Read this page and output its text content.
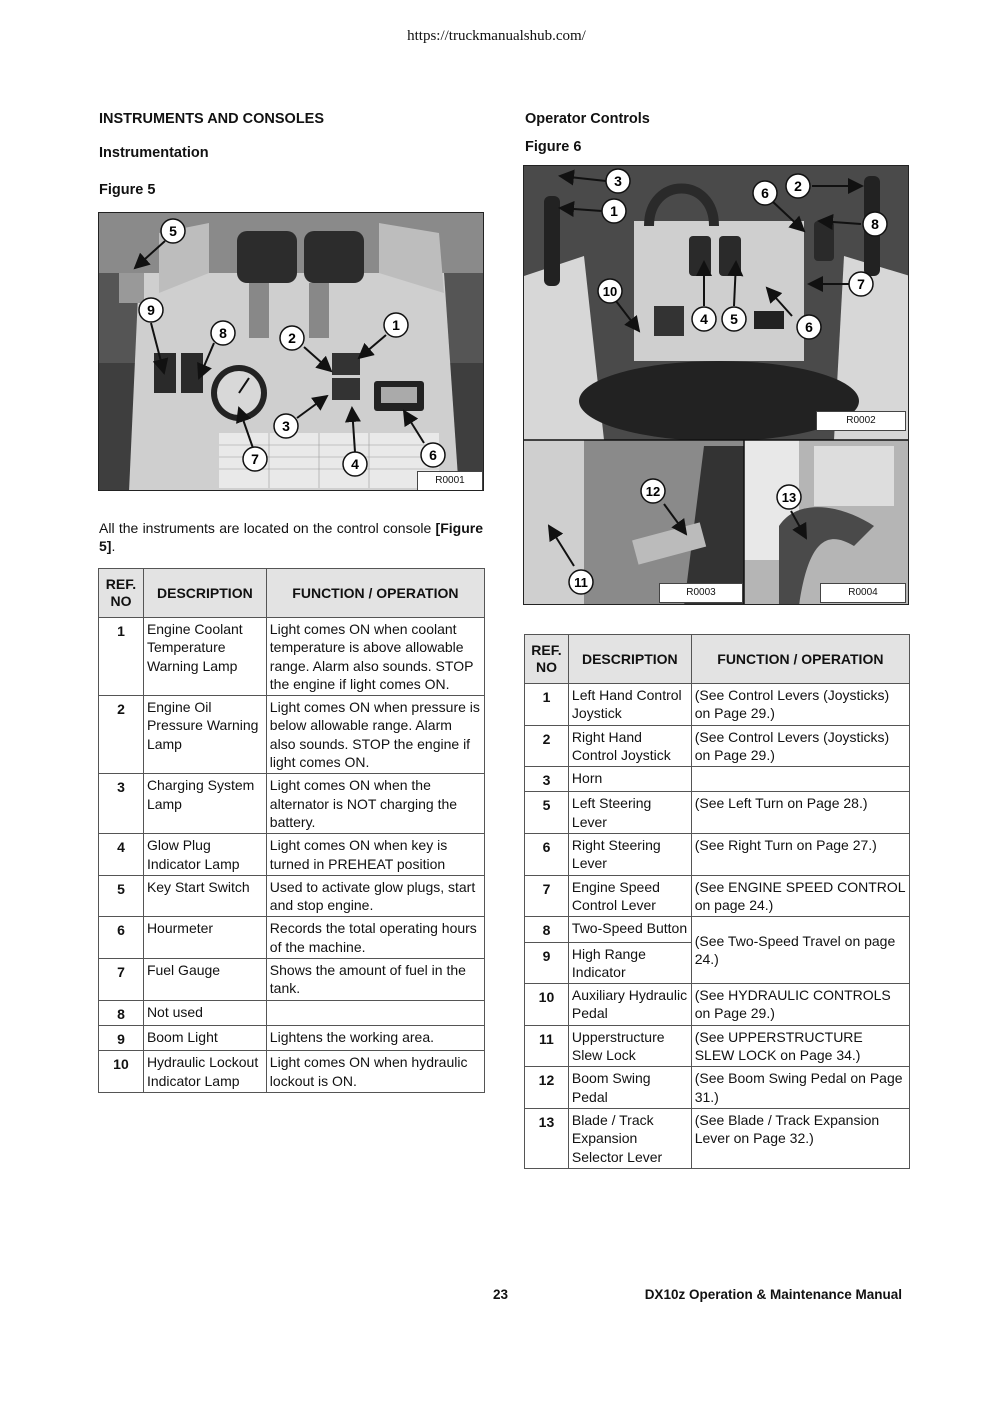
https://truckmanualshub.com/
INSTRUMENTS AND CONSOLES
Instrumentation
Figure 5
5
9
8	2
1
3
7	4
6
R0001
All the instruments are located on the control console [Figure 5].
REF. NO	DESCRIPTION	FUNCTION / OPERATION
1	Engine Coolant Temperature Warning Lamp	Light comes ON when coolant temperature is above allowable range. Alarm also sounds. STOP the engine if light comes ON.
2	Engine Oil Pressure Warning Lamp	Light comes ON when pressure is below allowable range. Alarm also sounds. STOP the engine if light comes ON.
3	Charging System Lamp	Light comes ON when the alternator is NOT charging the battery.
4	Glow Plug Indicator Lamp	Light comes ON when key is turned in PREHEAT position
5	Key Start Switch	Used to activate glow plugs, start and stop engine.
6	Hourmeter	Records the total operating hours of the machine.
7	Fuel Gauge	Shows the amount of fuel in the tank.
8	Not used	
9	Boom Light	Lightens the working area.
10	Hydraulic Lockout Indicator Lamp	Light comes ON when hydraulic lockout is ON.
Operator Controls
Figure 6
3
1
6 2
8
7
10
4 5	6
12	13
11
R0002
R0003	R0004
REF. NO	DESCRIPTION	FUNCTION / OPERATION
1	Left Hand Control Joystick	(See Control Levers (Joysticks) on Page 29.)
2	Right Hand Control Joystick	(See Control Levers (Joysticks) on Page 29.)
3	Horn	
5	Left Steering Lever	(See Left Turn on Page 28.)
6	Right Steering Lever	(See Right Turn on Page 27.)
7	Engine Speed Control Lever	(See ENGINE SPEED CONTROL on page 24.)
8	Two-Speed Button	(See Two-Speed Travel on page 24.)
9	High Range Indicator	
10	Auxiliary Hydraulic Pedal	(See HYDRAULIC CONTROLS on Page 29.)
11	Upperstructure Slew Lock	(See UPPERSTRUCTURE SLEW LOCK on Page 34.)
12	Boom Swing Pedal	(See Boom Swing Pedal on Page 31.)
13	Blade / Track Expansion Selector Lever	(See Blade / Track Expansion Lever on Page 32.)
23	DX10z Operation & Maintenance Manual
